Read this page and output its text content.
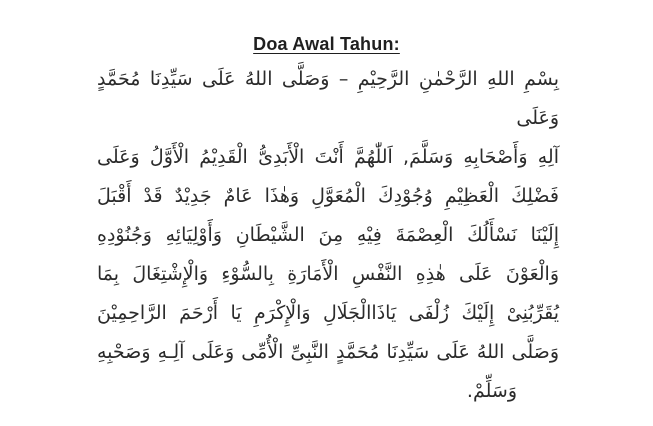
Doa Awal Tahun:
بِسْمِ اللهِ الرَّحْمٰنِ الرَّحِيْمِ – وَصَلَّى اللهُ عَلَى سَيِّدِنَا مُحَمَّدٍ وَعَلَى
آلِهِ وَأَصْحَابِهِ وَسَلَّمَ, اَللّٰهُمَّ أَنْتَ الْأَبَدِىُّ الْقَدِيْمُ الْأَوَّلُ وَعَلَى
فَضْلِكَ الْعَظِيْمِ وُجُوْدِكَ الْمُعَوَّلِ وَهٰذَا عَامٌ جَدِيْدٌ قَدْ أَقْبَلَ
إِلَيْنَا نَسْأَلُكَ الْعِصْمَةَ فِيْهِ مِنَ الشَّيْطَانِ وَأَوْلِيَائِهِ وَجُنُوْدِهِ
وَالْعَوْنَ عَلَى هٰذِهِ النَّفْسِ الْأَمَارَةِ بِالسُّوْءِ وَالْإِشْتِغَالَ بِمَا
يُقَرِّبُنِىْ إِلَيْكَ زُلْفَى يَاذَاالْجَلَالِ وَالْإِكْرَمِ يَا أَرْحَمَ الرَّاحِمِيْنَ
وَصَلَّى اللهُ عَلَى سَيِّدِنَا مُحَمَّدٍ النَّبِىِّ الْأُمِّى وَعَلَى آلِـهِ وَصَحْبِهِ
وَسَلِّمْ.
